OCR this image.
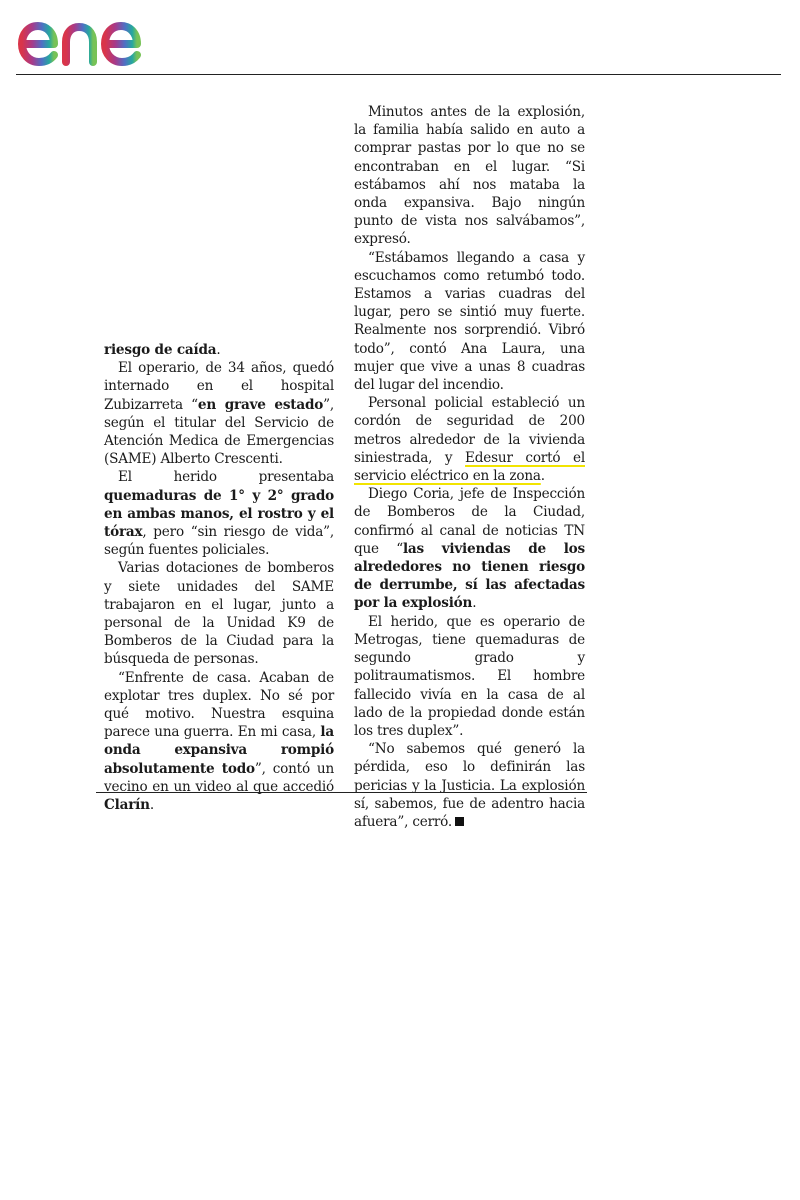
riesgo de caída.

El operario, de 34 años, quedó internado en el hospital Zubizarreta “en grave estado”, según el titular del Servicio de Atención Medica de Emergencias (SAME) Alberto Crescenti.

El herido presentaba quemaduras de 1° y 2° grado en ambas manos, el rostro y el tórax, pero “sin riesgo de vida”, según fuentes policiales.

Varias dotaciones de bomberos y siete unidades del SAME trabajaron en el lugar, junto a personal de la Unidad K9 de Bomberos de la Ciudad para la búsqueda de personas.

“Enfrente de casa. Acaban de explotar tres duplex. No sé por qué motivo. Nuestra esquina parece una guerra. En mi casa, la onda expansiva rompió absolutamente todo”, contó un vecino en un video al que accedió Clarín.

Minutos antes de la explosión, la familia había salido en auto a comprar pastas por lo que no se encontraban en el lugar. “Si estábamos ahí nos mataba la onda expansiva. Bajo ningún punto de vista nos salvábamos”, expresó.

“Estábamos llegando a casa y escuchamos como retumbó todo. Estamos a varias cuadras del lugar, pero se sintió muy fuerte. Realmente nos sorprendió. Vibró todo”, contó Ana Laura, una mujer que vive a unas 8 cuadras del lugar del incendio.

Personal policial estableció un cordón de seguridad de 200 metros alrededor de la vivienda siniestrada, y Edesur cortó el servicio eléctrico en la zona.

Diego Coria, jefe de Inspección de Bomberos de la Ciudad, confirmó al canal de noticias TN que “las viviendas de los alrededores no tienen riesgo de derrumbe, sí las afectadas por la explosión.

El herido, que es operario de Metrogas, tiene quemaduras de segundo grado y politraumatismos. El hombre fallecido vivía en la casa de al lado de la propiedad donde están los tres duplex”.

“No sabemos qué generó la pérdida, eso lo definirán las pericias y la Justicia. La explosión sí, sabemos, fue de adentro hacia afuera”, cerró.
